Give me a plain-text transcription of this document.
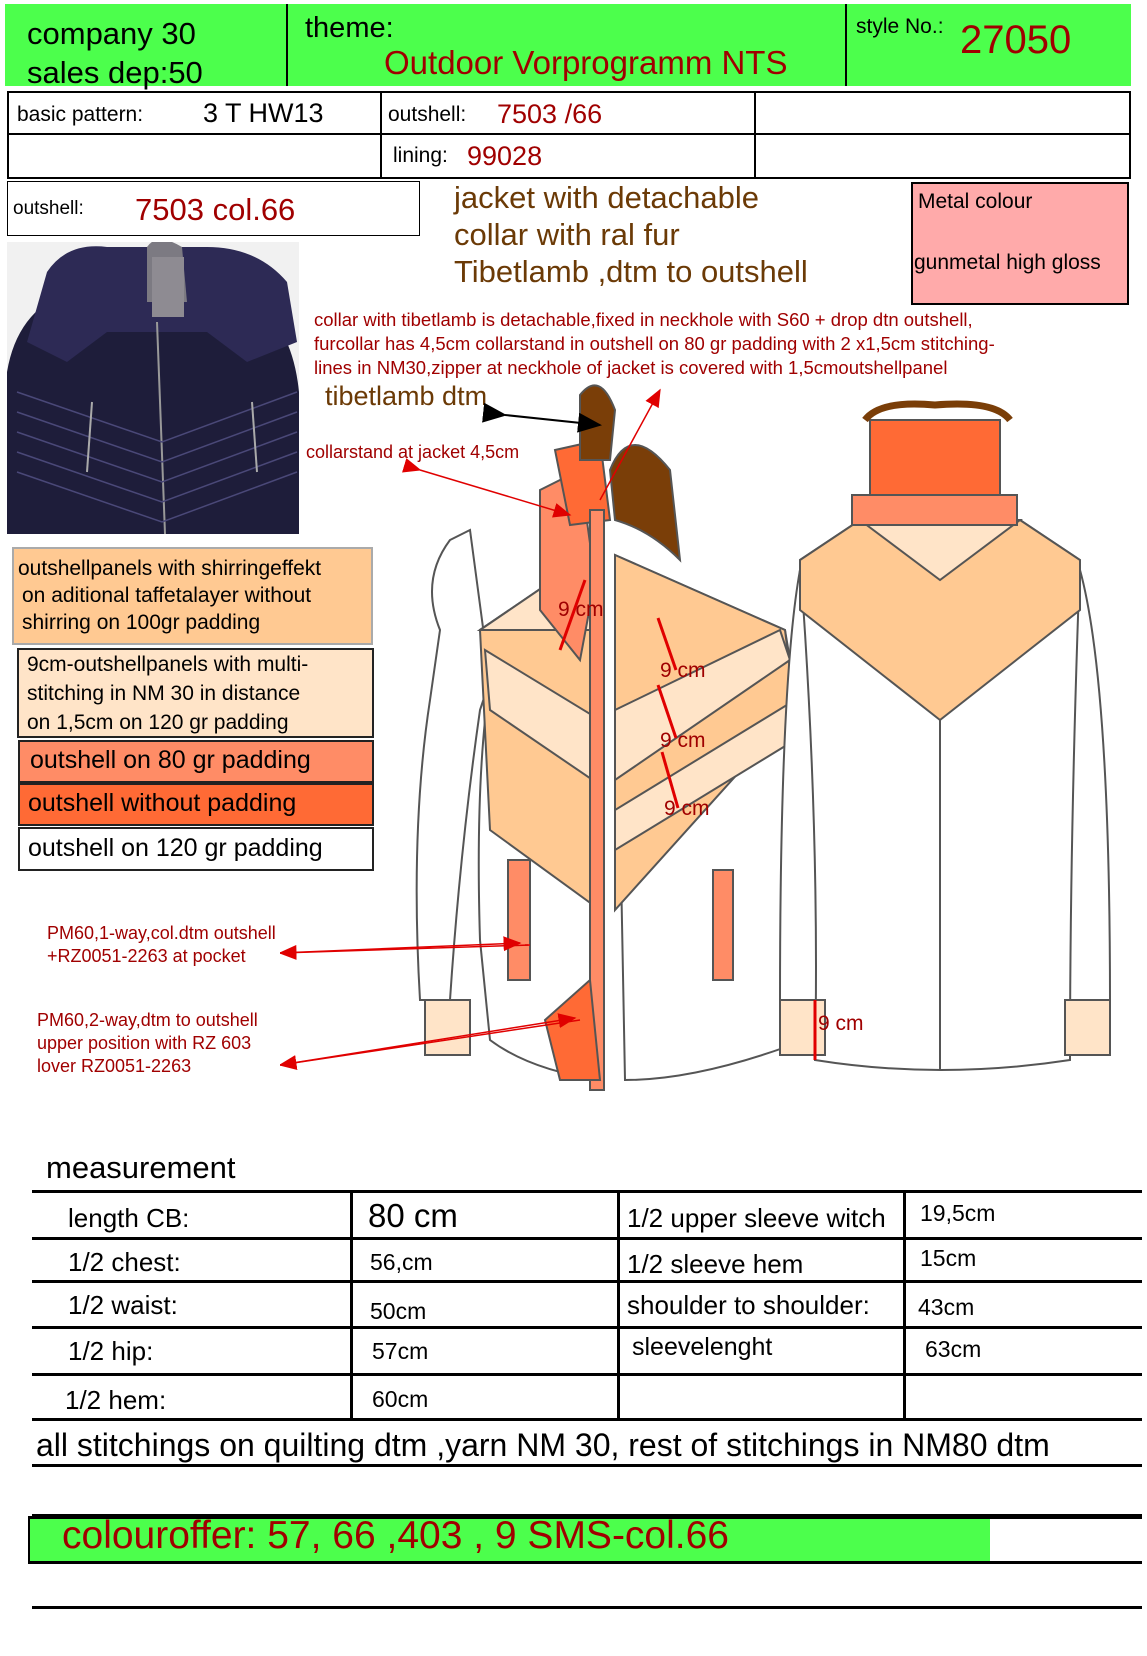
company 30
sales dep:50
theme:
Outdoor Vorprogramm NTS
style No.: 27050
basic pattern: 3 T HW13	outshell: 7503 /66
lining: 99028
outshell: 7503 col.66	jacket with detachable
collar with ral fur
Tibetlamb ,dtm to outshell
Metal colour
gunmetal high gloss
outshellpanels with shirringeffekt
on aditional taffetalayer without
shirring on 100gr padding
9cm-outshellpanels with multi-
stitching in NM 30 in distance
on 1,5cm on 120 gr padding
outshell on 80 gr padding
outshell without padding
outshell on 120 gr padding
collar with tibetlamb is detachable,fixed in neckhole with S60 + drop dtn outshell,
furcollar has 4,5cm collarstand in outshell on 80 gr padding with 2 x1,5cm stitching-
lines in NM30,zipper at neckhole of jacket is covered with 1,5cmoutshellpanel
tibetlamb dtm
collarstand at jacket 4,5cm
PM60,1-way,col.dtm outshell
+RZ0051-2263 at pocket
PM60,2-way,dtm to outshell
upper position with RZ 603
lover RZ0051-2263
9 cm
9 cm
9 cm
9 cm
9 cm
measurement
length CB:	80 cm	1/2 upper sleeve witch 19,5cm
1/2 chest:	56,cm	1/2 sleeve hem	15cm
1/2 waist:	50cm	shoulder to shoulder: 43cm
1/2 hip:	57cm	sleevelenght	63cm
1/2 hem:	60cm
all stitchings on quilting dtm ,yarn NM 30, rest of stitchings in NM80 dtm
colouroffer: 57, 66 ,403 , 9 SMS-col.66
